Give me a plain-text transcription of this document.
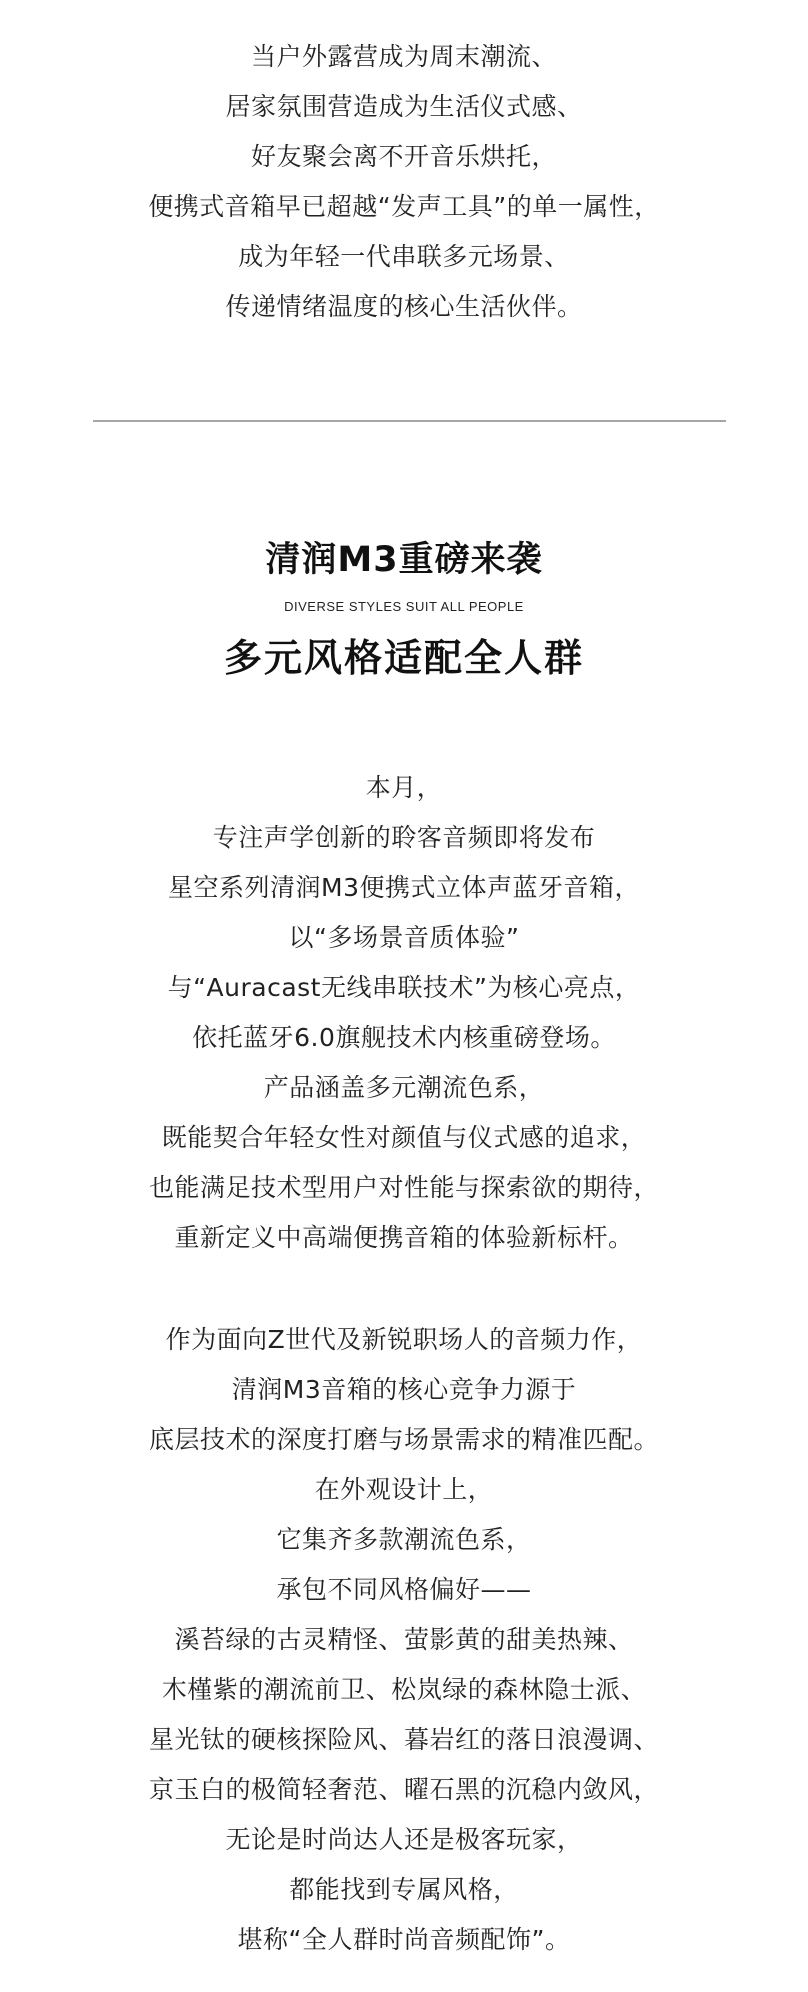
当户外露营成为周末潮流、
居家氛围营造成为生活仪式感、
好友聚会离不开音乐烘托，
便携式音箱早已超越“发声工具”的单一属性，
成为年轻一代串联多元场景、
传递情绪温度的核心生活伙伴。
清润M3重磅来袭
DIVERSE STYLES SUIT ALL PEOPLE
多元风格适配全人群
本月，
专注声学创新的聆客音频即将发布
星空系列清润M3便携式立体声蓝牙音箱，
以“多场景音质体验”
与“Auracast无线串联技术”为核心亮点，
依托蓝牙6.0旗舰技术内核重磅登场。
产品涵盖多元潮流色系，
既能契合年轻女性对颜值与仪式感的追求，
也能满足技术型用户对性能与探索欲的期待，
重新定义中高端便携音箱的体验新标杆。
作为面向Z世代及新锐职场人的音频力作，
清润M3音箱的核心竞争力源于
底层技术的深度打磨与场景需求的精准匹配。
在外观设计上，
它集齐多款潮流色系，
承包不同风格偏好——
溪苔绿的古灵精怪、萤影黄的甜美热辣、
木槿紫的潮流前卫、松岚绿的森林隐士派、
星光钛的硬核探险风、暮岩红的落日浪漫调、
京玉白的极简轻奢范、曜石黑的沉稳内敛风，
无论是时尚达人还是极客玩家，
都能找到专属风格，
堪称“全人群时尚音频配饰”。
